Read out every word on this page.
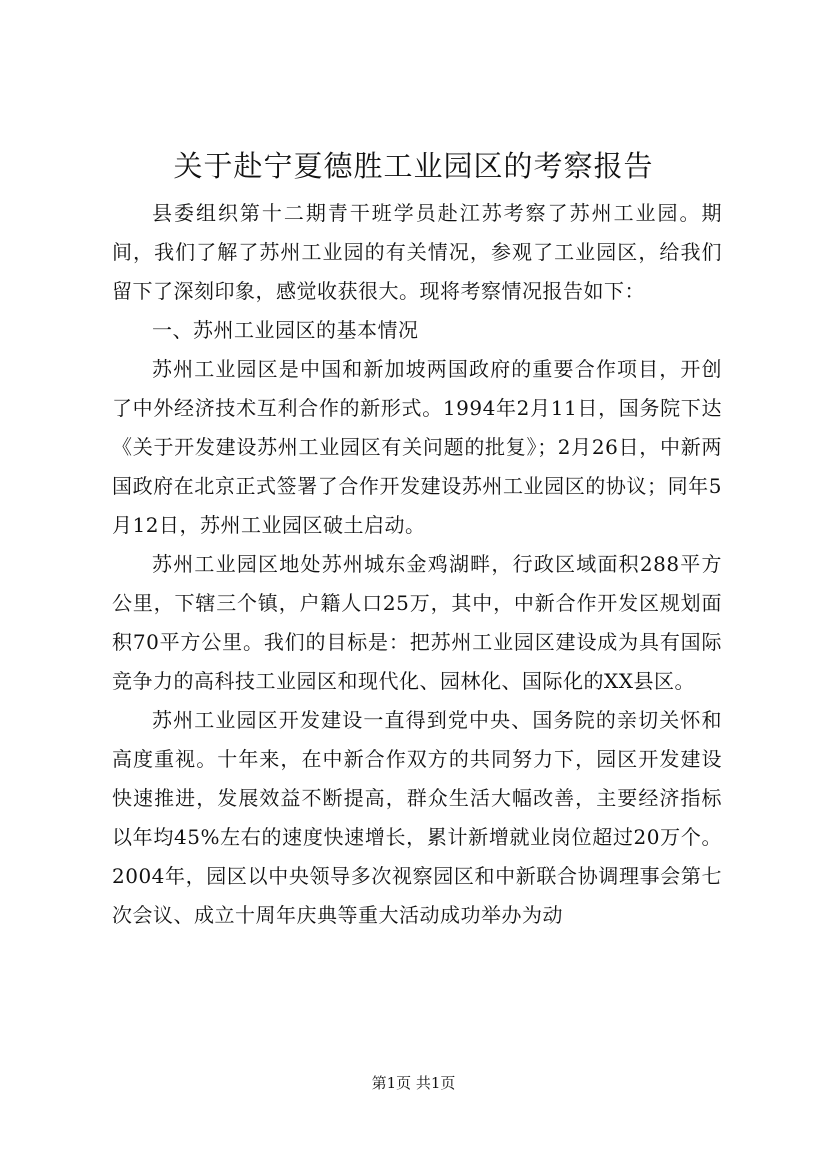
关于赴宁夏德胜工业园区的考察报告

县委组织第十二期青干班学员赴江苏考察了苏州工业园。期间，我们了解了苏州工业园的有关情况，参观了工业园区，给我们留下了深刻印象，感觉收获很大。现将考察情况报告如下：

一、苏州工业园区的基本情况

苏州工业园区是中国和新加坡两国政府的重要合作项目，开创了中外经济技术互利合作的新形式。1994年2月11日，国务院下达《关于开发建设苏州工业园区有关问题的批复》；2月26日，中新两国政府在北京正式签署了合作开发建设苏州工业园区的协议；同年5月12日，苏州工业园区破土启动。

苏州工业园区地处苏州城东金鸡湖畔，行政区域面积288平方公里，下辖三个镇，户籍人口25万，其中，中新合作开发区规划面积70平方公里。我们的目标是：把苏州工业园区建设成为具有国际竞争力的高科技工业园区和现代化、园林化、国际化的XX县区。

苏州工业园区开发建设一直得到党中央、国务院的亲切关怀和高度重视。十年来，在中新合作双方的共同努力下，园区开发建设快速推进，发展效益不断提高，群众生活大幅改善，主要经济指标以年均45%左右的速度快速增长，累计新增就业岗位超过20万个。2004年，园区以中央领导多次视察园区和中新联合协调理事会第七次会议、成立十周年庆典等重大活动成功举办为动

第1页 共1页
